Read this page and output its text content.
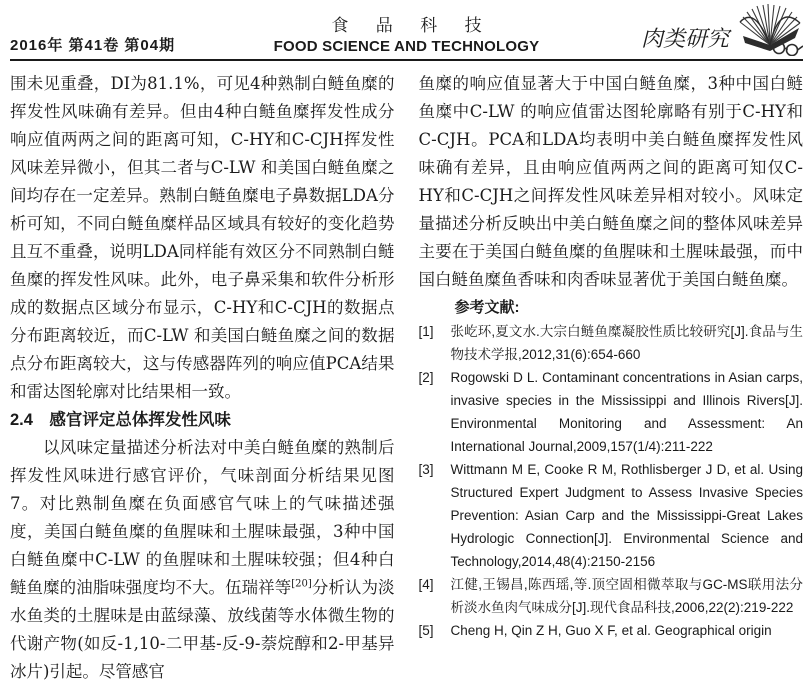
2016年 第41卷 第04期
食 品 科 技
FOOD SCIENCE AND TECHNOLOGY	肉类研究

围未见重叠，DI为81.1%，可见4种熟制白鲢鱼糜的挥发性风味确有差异。但由4种白鲢鱼糜挥发性成分响应值两两之间的距离可知，C-HY和C-CJH挥发性风味差异微小，但其二者与C-LW 和美国白鲢鱼糜之间均存在一定差异。熟制白鲢鱼糜电子鼻数据LDA分析可知，不同白鲢鱼糜样品区域具有较好的变化趋势且互不重叠，说明LDA同样能有效区分不同熟制白鲢鱼糜的挥发性风味。此外，电子鼻采集和软件分析形成的数据点区域分布显示，C-HY和C-CJH的数据点分布距离较近，而C-LW 和美国白鲢鱼糜之间的数据点分布距离较大，这与传感器阵列的响应值PCA结果和雷达图轮廓对比结果相一致。

2.4　感官评定总体挥发性风味

以风味定量描述分析法对中美白鲢鱼糜的熟制后挥发性风味进行感官评价，气味剖面分析结果见图7。对比熟制鱼糜在负面感官气味上的气味描述强度，美国白鲢鱼糜的鱼腥味和土腥味最强，3种中国白鲢鱼糜中C-LW 的鱼腥味和土腥味较强；但4种白鲢鱼糜的油脂味强度均不大。伍瑞祥等[20]分析认为淡水鱼类的土腥味是由蓝绿藻、放线菌等水体微生物的代谢产物(如反-1,10-二甲基-反-9-萘烷醇和2-甲基异冰片)引起。尽管感官

鱼糜的响应值显著大于中国白鲢鱼糜，3种中国白鲢鱼糜中C-LW 的响应值雷达图轮廓略有别于C-HY和C-CJH。PCA和LDA均表明中美白鲢鱼糜挥发性风味确有差异，且由响应值两两之间的距离可知仅C-HY和C-CJH之间挥发性风味差异相对较小。风味定量描述分析反映出中美白鲢鱼糜之间的整体风味差异主要在于美国白鲢鱼糜的鱼腥味和土腥味最强，而中国白鲢鱼糜鱼香味和肉香味显著优于美国白鲢鱼糜。

参考文献:
[1]	张屹环,夏文水.大宗白鲢鱼糜凝胶性质比较研究[J].食品与生物技术学报,2012,31(6):654-660
[2]	Rogowski D L. Contaminant concentrations in Asian carps, invasive species in the Mississippi and Illinois Rivers[J]. Environmental Monitoring and Assessment: An International Journal,2009,157(1/4):211-222
[3]	Wittmann M E, Cooke R M, Rothlisberger J D, et al. Using Structured Expert Judgment to Assess Invasive Species Prevention: Asian Carp and the Mississippi-Great Lakes Hydrologic Connection[J]. Environmental Science and Technology,2014,48(4):2150-2156
[4]	江健,王锡昌,陈西瑶,等.顶空固相微萃取与GC-MS联用法分析淡水鱼肉气味成分[J].现代食品科技,2006,22(2):219-222
[5]	Cheng H, Qin Z H, Guo X F, et al. Geographical origin
